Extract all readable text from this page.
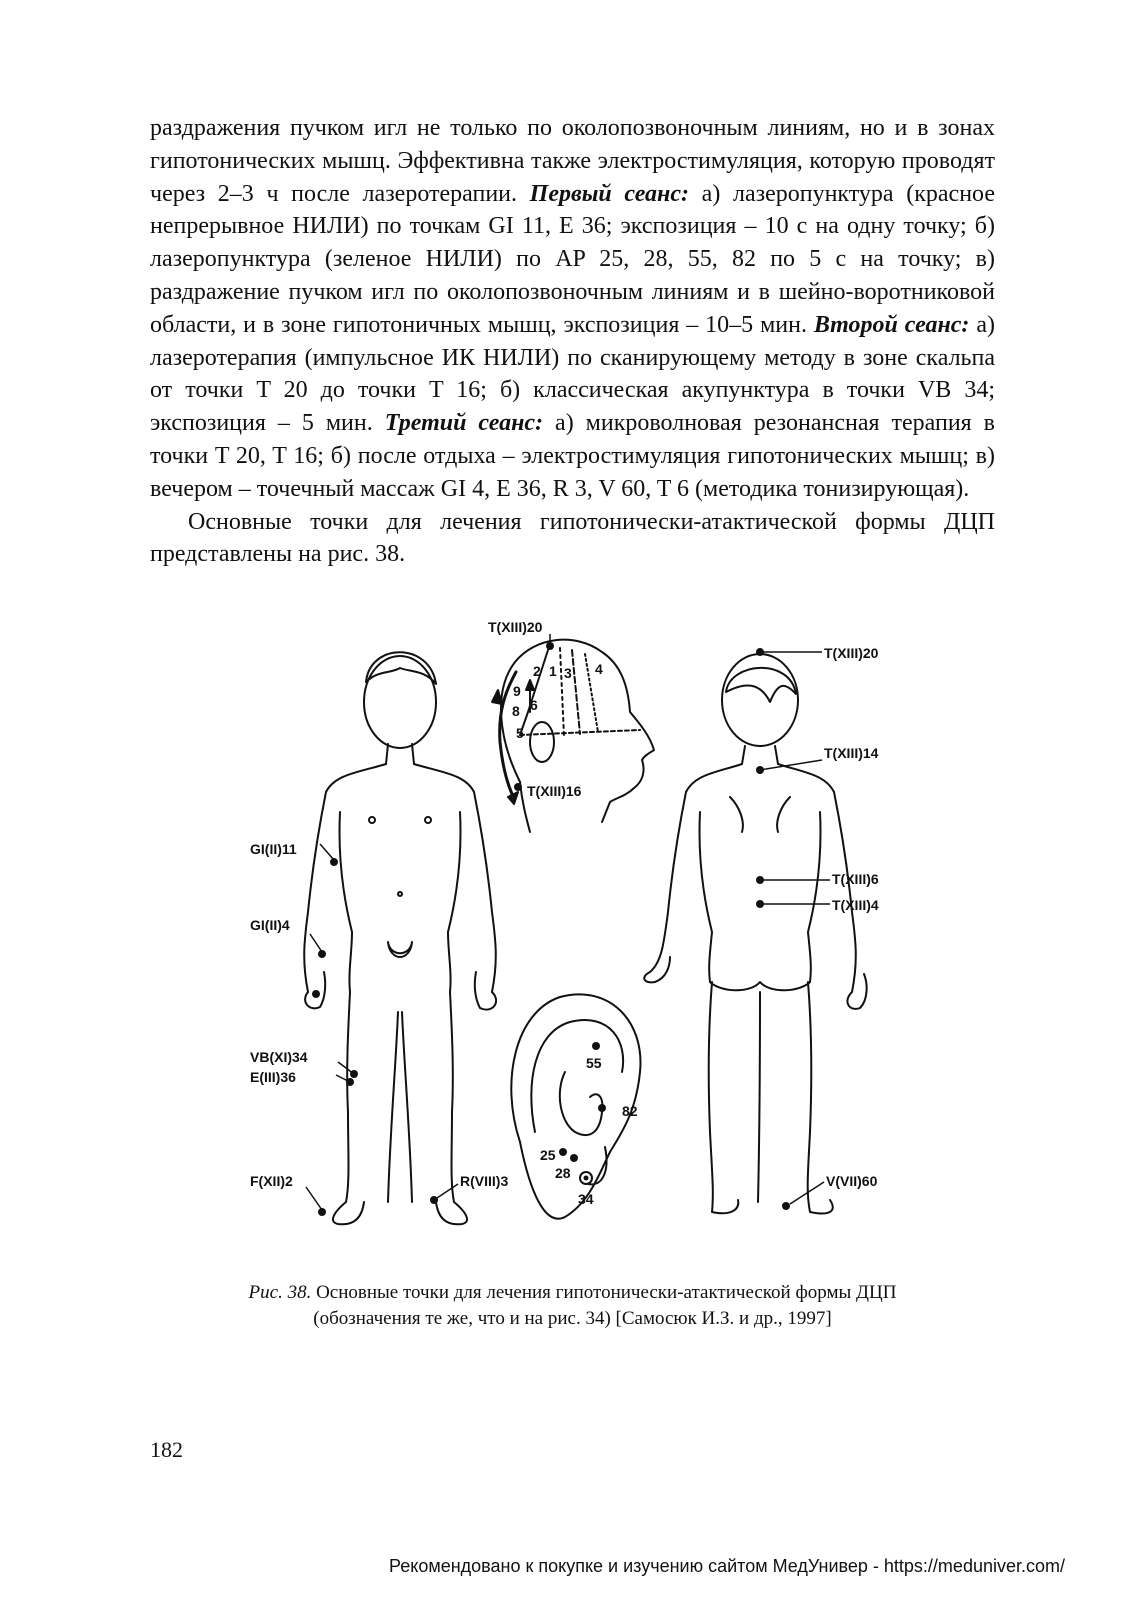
раздражения пучком игл не только по околопозвоночным линиям, но и в зонах гипотонических мышц. Эффективна также электростимуляция, которую проводят через 2–3 ч после лазеротерапии. Первый сеанс: а) лазеропунктура (красное непрерывное НИЛИ) по точкам GI 11, E 36; экспозиция – 10 с на одну точку; б) лазеропунктура (зеленое НИЛИ) по AP 25, 28, 55, 82 по 5 с на точку; в) раздражение пучком игл по околопозвоночным линиям и в шейно-воротниковой области, и в зоне гипотоничных мышц, экспозиция – 10–5 мин. Второй сеанс: а) лазеротерапия (импульсное ИК НИЛИ) по сканирующему методу в зоне скальпа от точки T 20 до точки T 16; б) классическая акупунктура в точки VB 34; экспозиция – 5 мин. Третий сеанс: а) микроволновая резонансная терапия в точки T 20, T 16; б) после отдыха – электростимуляция гипотонических мышц; в) вечером – точечный массаж GI 4, E 36, R 3, V 60, T 6 (методика тонизирующая).

Основные точки для лечения гипотонически-атактической формы ДЦП представлены на рис. 38.

T(XIII)20
T(XIII)16
2 1 3 4
9
8 6
5
GI(II)11
GI(II)4
VB(XI)34
E(III)36
F(XII)2	R(VIII)3
T(XIII)20
T(XIII)14
T(XIII)6
T(XIII)4
V(VII)60
55
82
25
28
34
Рис. 38. Основные точки для лечения гипотонически-атактической формы ДЦП
(обозначения те же, что и на рис. 34) [Самосюк И.З. и др., 1997]
182
Рекомендовано к покупке и изучению сайтом МедУнивер - https://meduniver.com/
